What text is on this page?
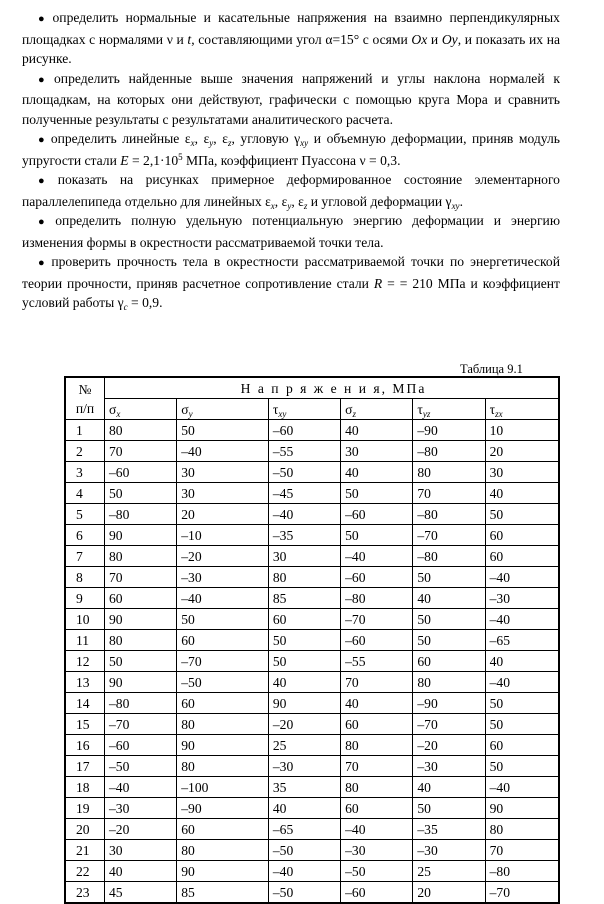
● определить нормальные и касательные напряжения на взаимно перпендикулярных площадках с нормалями ν и t, составляющими угол α=15° с осями Ox и Oy, и показать их на рисунке.

● определить найденные выше значения напряжений и углы наклона нормалей к площадкам, на которых они действуют, графически с помощью круга Мора и сравнить полученные результаты с результатами аналитического расчета.

● определить линейные $\varepsilon_x$, $\varepsilon_y$, $\varepsilon_z$, угловую $\gamma_{xy}$ и объемную деформации, приняв модуль упругости стали $E = 2,1\cdot 10^5$ МПа, коэффициент Пуассона ν = 0,3.

● показать на рисунках примерное деформированное состояние элементарного параллелепипеда отдельно для линейных $\varepsilon_x$, $\varepsilon_y$, $\varepsilon_z$ и угловой деформации $\gamma_{xy}$.

● определить полную удельную потенциальную энергию деформации и энергию изменения формы в окрестности рассматриваемой точки тела.

● проверить прочность тела в окрестности рассматриваемой точки по энергетической теории прочности, приняв расчетное сопротивление стали R = = 210 МПа и коэффициент условий работы $\gamma_c = 0,9$.

Таблица 9.1
№
п/п	Н а п р я ж е н и я, МПа					
	$\sigma_x$	$\sigma_y$	$\tau_{xy}$	$\sigma_z$	$\tau_{yz}$	$\tau_{zx}$
1	80	50	–60	40	–90	10
2	70	–40	–55	30	–80	20
3	–60	30	–50	40	80	30
4	50	30	–45	50	70	40
5	–80	20	–40	–60	–80	50
6	90	–10	–35	50	–70	60
7	80	–20	30	–40	–80	60
8	70	–30	80	–60	50	–40
9	60	–40	85	–80	40	–30
10	90	50	60	–70	50	–40
11	80	60	50	–60	50	–65
12	50	–70	50	–55	60	40
13	90	–50	40	70	80	–40
14	–80	60	90	40	–90	50
15	–70	80	–20	60	–70	50
16	–60	90	25	80	–20	60
17	–50	80	–30	70	–30	50
18	–40	–100	35	80	40	–40
19	–30	–90	40	60	50	90
20	–20	60	–65	–40	–35	80
21	30	80	–50	–30	–30	70
22	40	90	–40	–50	25	–80
23	45	85	–50	–60	20	–70
